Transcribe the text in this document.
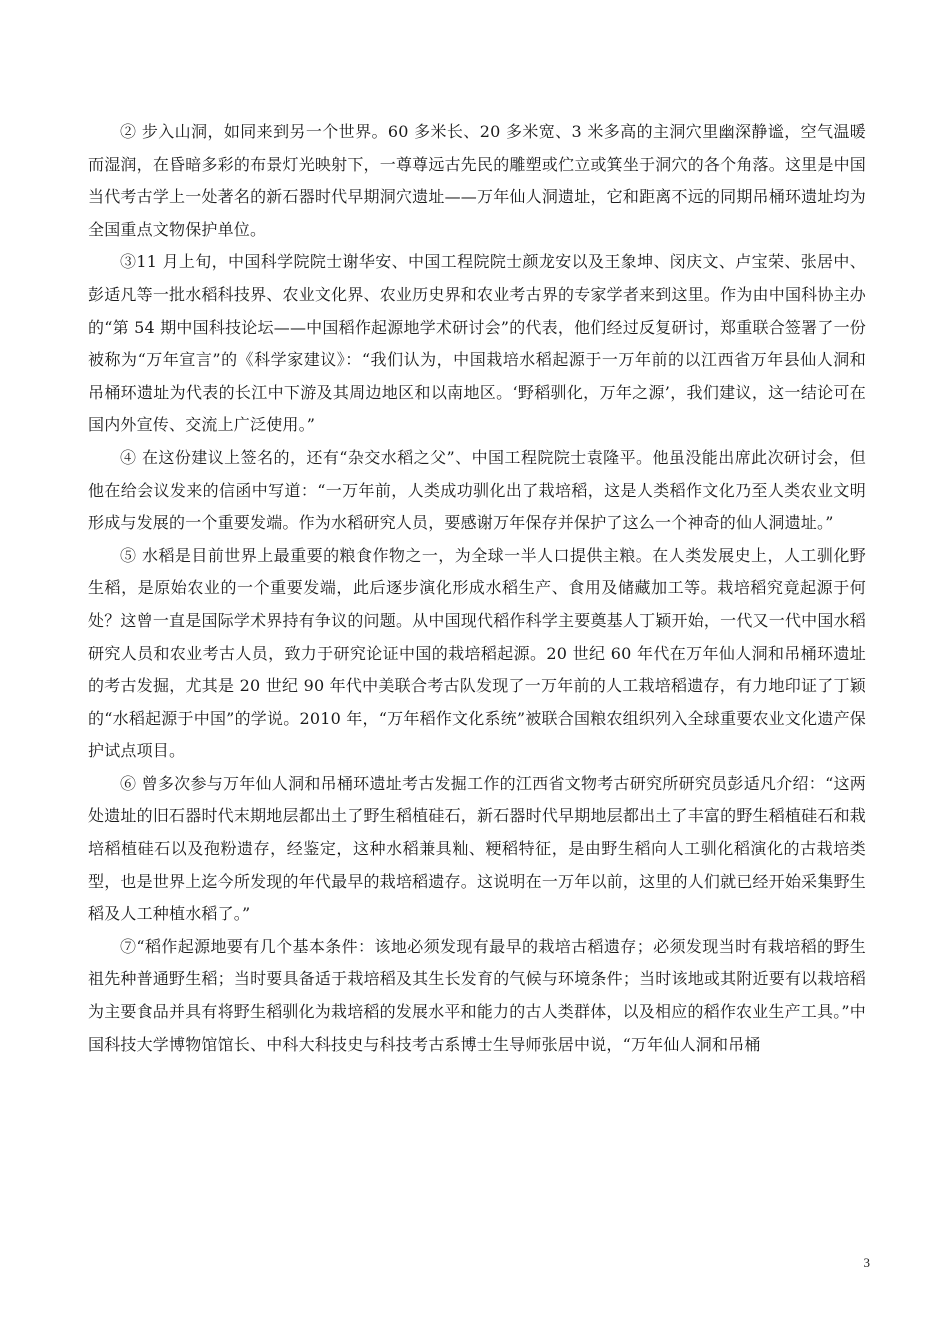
② 步入山洞，如同来到另一个世界。60 多米长、20 多米宽、3 米多高的主洞穴里幽深静谧，空气温暖而湿润，在昏暗多彩的布景灯光映射下，一尊尊远古先民的雕塑或伫立或箕坐于洞穴的各个角落。这里是中国当代考古学上一处著名的新石器时代早期洞穴遗址——万年仙人洞遗址，它和距离不远的同期吊桶环遗址均为全国重点文物保护单位。

③11 月上旬，中国科学院院士谢华安、中国工程院院士颜龙安以及王象坤、闵庆文、卢宝荣、张居中、彭适凡等一批水稻科技界、农业文化界、农业历史界和农业考古界的专家学者来到这里。作为由中国科协主办的“第 54 期中国科技论坛——中国稻作起源地学术研讨会”的代表，他们经过反复研讨，郑重联合签署了一份被称为“万年宣言”的《科学家建议》：“我们认为，中国栽培水稻起源于一万年前的以江西省万年县仙人洞和吊桶环遗址为代表的长江中下游及其周边地区和以南地区。‘野稻驯化，万年之源’，我们建议，这一结论可在国内外宣传、交流上广泛使用。”

④ 在这份建议上签名的，还有“杂交水稻之父”、中国工程院院士袁隆平。他虽没能出席此次研讨会，但他在给会议发来的信函中写道：“一万年前，人类成功驯化出了栽培稻，这是人类稻作文化乃至人类农业文明形成与发展的一个重要发端。作为水稻研究人员，要感谢万年保存并保护了这么一个神奇的仙人洞遗址。”

⑤ 水稻是目前世界上最重要的粮食作物之一，为全球一半人口提供主粮。在人类发展史上，人工驯化野生稻，是原始农业的一个重要发端，此后逐步演化形成水稻生产、食用及储藏加工等。栽培稻究竟起源于何处？这曾一直是国际学术界持有争议的问题。从中国现代稻作科学主要奠基人丁颖开始，一代又一代中国水稻研究人员和农业考古人员，致力于研究论证中国的栽培稻起源。20 世纪 60 年代在万年仙人洞和吊桶环遗址的考古发掘，尤其是 20 世纪 90 年代中美联合考古队发现了一万年前的人工栽培稻遗存，有力地印证了丁颖的“水稻起源于中国”的学说。2010 年，“万年稻作文化系统”被联合国粮农组织列入全球重要农业文化遗产保护试点项目。

⑥ 曾多次参与万年仙人洞和吊桶环遗址考古发掘工作的江西省文物考古研究所研究员彭适凡介绍：“这两处遗址的旧石器时代末期地层都出土了野生稻植硅石，新石器时代早期地层都出土了丰富的野生稻植硅石和栽培稻植硅石以及孢粉遗存，经鉴定，这种水稻兼具籼、粳稻特征，是由野生稻向人工驯化稻演化的古栽培类型，也是世界上迄今所发现的年代最早的栽培稻遗存。这说明在一万年以前，这里的人们就已经开始采集野生稻及人工种植水稻了。”

⑦“稻作起源地要有几个基本条件：该地必须发现有最早的栽培古稻遗存；必须发现当时有栽培稻的野生祖先种普通野生稻；当时要具备适于栽培稻及其生长发育的气候与环境条件；当时该地或其附近要有以栽培稻为主要食品并具有将野生稻驯化为栽培稻的发展水平和能力的古人类群体，以及相应的稻作农业生产工具。”中国科技大学博物馆馆长、中科大科技史与科技考古系博士生导师张居中说，“万年仙人洞和吊桶

3
